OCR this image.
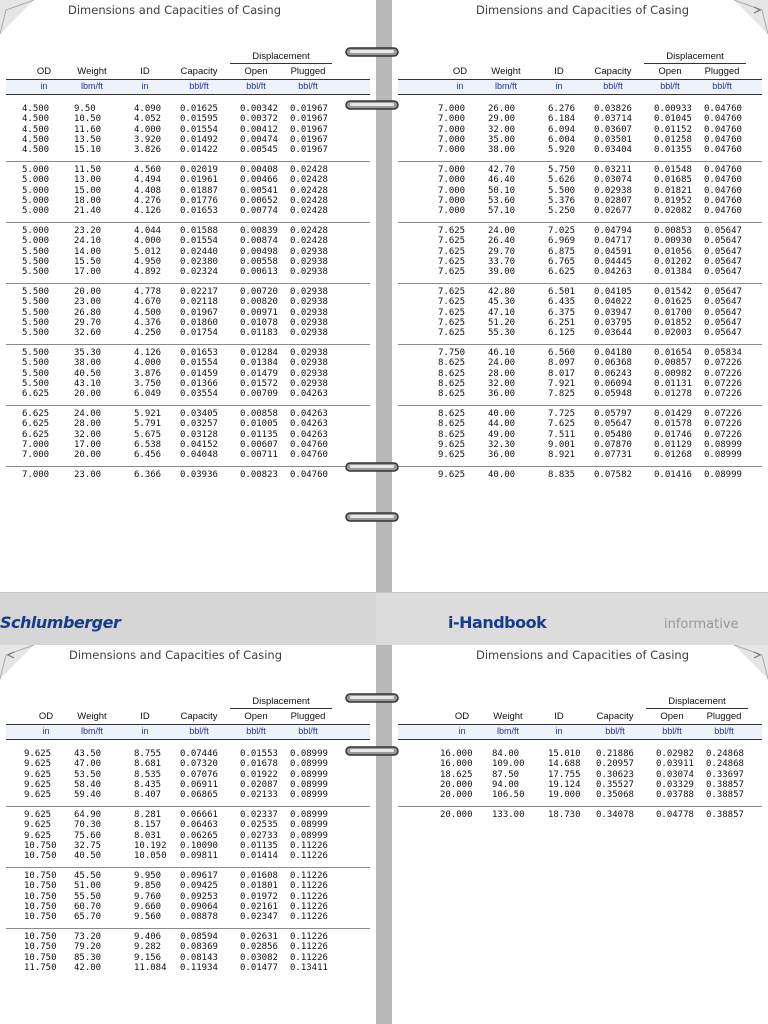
Dimensions and Capacities of Casing
Displacement
OD	Weight	ID	Capacity	Open	Plugged
in	lbm/ft	in	bbl/ft	bbl/ft	bbl/ft
4.500	9.50	4.090 0.01625 0.00342 0.01967
4.500	10.50	4.052 0.01595 0.00372 0.01967
4.500	11.60	4.000 0.01554 0.00412 0.01967
4.500	13.50	3.920 0.01492 0.00474 0.01967
4.500	15.10	3.826 0.01422 0.00545 0.01967
5.000	11.50	4.560 0.02019 0.00408 0.02428
5.000	13.00	4.494 0.01961 0.00466 0.02428
5.000	15.00	4.408 0.01887 0.00541 0.02428
5.000	18.00	4.276 0.01776 0.00652 0.02428
5.000	21.40	4.126 0.01653 0.00774 0.02428
5.000	23.20	4.044 0.01588 0.00839 0.02428
5.000	24.10	4.000 0.01554 0.00874 0.02428
5.500	14.00	5.012 0.02440 0.00498 0.02938
5.500	15.50	4.950 0.02380 0.00558 0.02938
5.500	17.00	4.892 0.02324 0.00613 0.02938
5.500	20.00	4.778 0.02217 0.00720 0.02938
5.500	23.00	4.670 0.02118 0.00820 0.02938
5.500	26.80	4.500 0.01967 0.00971 0.02938
5.500	29.70	4.376 0.01860 0.01078 0.02938
5.500	32.60	4.250 0.01754 0.01183 0.02938
5.500	35.30	4.126 0.01653 0.01284 0.02938
5.500	38.00	4.000 0.01554 0.01384 0.02938
5.500	40.50	3.876 0.01459 0.01479 0.02938
5.500	43.10	3.750 0.01366 0.01572 0.02938
6.625	20.00	6.049 0.03554 0.00709 0.04263
6.625	24.00	5.921 0.03405 0.00858 0.04263
6.625	28.00	5.791 0.03257 0.01005 0.04263
6.625	32.00	5.675 0.03128 0.01135 0.04263
7.000	17.00	6.538 0.04152 0.00607 0.04760
7.000	20.00	6.456 0.04048 0.00711 0.04760
7.000	23.00	6.366 0.03936 0.00823 0.04760
Dimensions and Capacities of Casing
Displacement
OD	Weight	ID	Capacity	Open	Plugged
in	lbm/ft	in	bbl/ft	bbl/ft	bbl/ft
7.000	26.00	6.276 0.03826 0.00933 0.04760
7.000	29.00	6.184 0.03714 0.01045 0.04760
7.000	32.00	6.094 0.03607 0.01152 0.04760
7.000	35.00	6.004 0.03501 0.01258 0.04760
7.000	38.00	5.920 0.03404 0.01355 0.04760
7.000	42.70	5.750 0.03211 0.01548 0.04760
7.000	46.40	5.626 0.03074 0.01685 0.04760
7.000	50.10	5.500 0.02938 0.01821 0.04760
7.000	53.60	5.376 0.02807 0.01952 0.04760
7.000	57.10	5.250 0.02677 0.02082 0.04760
7.625	24.00	7.025 0.04794 0.00853 0.05647
7.625	26.40	6.969 0.04717 0.00930 0.05647
7.625	29.70	6.875 0.04591 0.01056 0.05647
7.625	33.70	6.765 0.04445 0.01202 0.05647
7.625	39.00	6.625 0.04263 0.01384 0.05647
7.625	42.80	6.501 0.04105 0.01542 0.05647
7.625	45.30	6.435 0.04022 0.01625 0.05647
7.625	47.10	6.375 0.03947 0.01700 0.05647
7.625	51.20	6.251 0.03795 0.01852 0.05647
7.625	55.30	6.125 0.03644 0.02003 0.05647
7.750	46.10	6.560 0.04180 0.01654 0.05834
8.625	24.00	8.097 0.06368 0.00857 0.07226
8.625	28.00	8.017 0.06243 0.00982 0.07226
8.625	32.00	7.921 0.06094 0.01131 0.07226
8.625	36.00	7.825 0.05948 0.01278 0.07226
8.625	40.00	7.725 0.05797 0.01429 0.07226
8.625	44.00	7.625 0.05647 0.01578 0.07226
8.625	49.00	7.511 0.05480 0.01746 0.07226
9.625	32.30	9.001 0.07870 0.01129 0.08999
9.625	36.00	8.921 0.07731 0.01268 0.08999
9.625	40.00	8.835 0.07582 0.01416 0.08999
Dimensions and Capacities of Casing
Displacement
OD	Weight	ID	Capacity	Open	Plugged
in	lbm/ft	in	bbl/ft	bbl/ft	bbl/ft
9.625	43.50	8.755 0.07446 0.01553 0.08999
9.625	47.00	8.681 0.07320 0.01678 0.08999
9.625	53.50	8.535 0.07076 0.01922 0.08999
9.625	58.40	8.435 0.06911 0.02087 0.08999
9.625	59.40	8.407 0.06865 0.02133 0.08999
9.625	64.90	8.281 0.06661 0.02337 0.08999
9.625	70.30	8.157 0.06463 0.02535 0.08999
9.625	75.60	8.031 0.06265 0.02733 0.08999
10.750 32.75	10.192 0.10090 0.01135 0.11226
10.750 40.50	10.050 0.09811 0.01414 0.11226
10.750 45.50	9.950 0.09617 0.01608 0.11226
10.750 51.00	9.850 0.09425 0.01801 0.11226
10.750 55.50	9.760 0.09253 0.01972 0.11226
10.750 60.70	9.660 0.09064 0.02161 0.11226
10.750 65.70	9.560 0.08878 0.02347 0.11226
10.750 73.20	9.406 0.08594 0.02631 0.11226
10.750 79.20	9.282 0.08369 0.02856 0.11226
10.750 85.30	9.156 0.08143 0.03082 0.11226
11.750 42.00	11.084 0.11934 0.01477 0.13411
Dimensions and Capacities of Casing
Displacement
OD	Weight	ID	Capacity	Open	Plugged
in	lbm/ft	in	bbl/ft	bbl/ft	bbl/ft
16.000 84.00	15.010 0.21886 0.02982 0.24868
16.000 109.00	14.688 0.20957 0.03911 0.24868
18.625 87.50	17.755 0.30623 0.03074 0.33697
20.000 94.00	19.124 0.35527 0.03329 0.38857
20.000 106.50	19.000 0.35068 0.03788 0.38857
20.000 133.00	18.730 0.34078 0.04778 0.38857
Schlumberger	i-Handbook	informative
